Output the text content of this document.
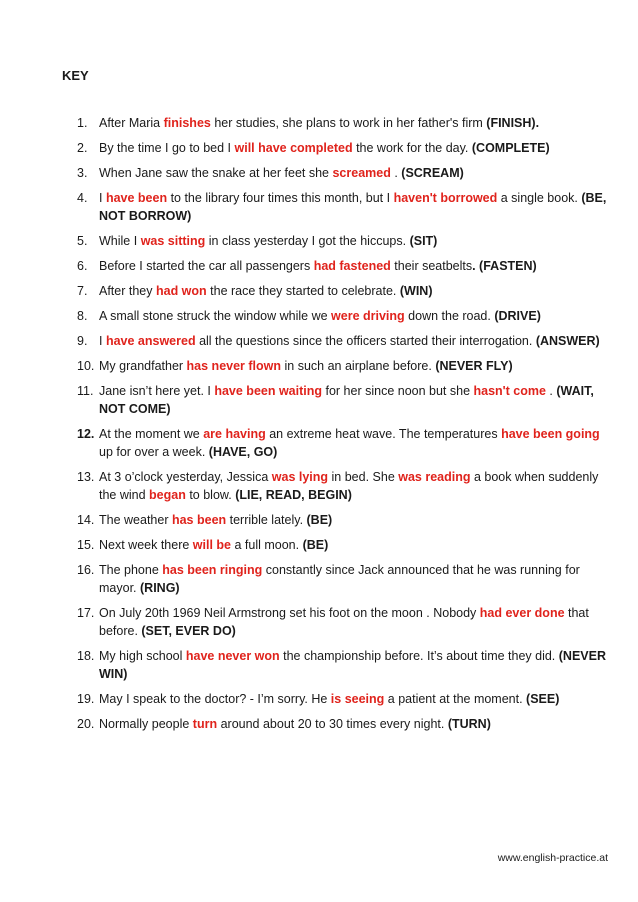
KEY
1. After Maria finishes her studies, she plans to work in her father's firm (FINISH).
2. By the time I go to bed I will have completed the work for the day. (COMPLETE)
3. When Jane saw the snake at her feet she screamed . (SCREAM)
4. I have been to the library four times this month, but I haven't borrowed a single book. (BE, NOT BORROW)
5. While I was sitting in class yesterday I got the hiccups. (SIT)
6. Before I started the car all passengers had fastened their seatbelts. (FASTEN)
7. After they had won the race they started to celebrate. (WIN)
8. A small stone struck the window while we were driving down the road. (DRIVE)
9. I have answered all the questions since the officers started their interrogation. (ANSWER)
10. My grandfather has never flown in such an airplane before. (NEVER FLY)
11. Jane isn’t here yet. I have been waiting for her since noon but she hasn't come . (WAIT, NOT COME)
12. At the moment we are having an extreme heat wave. The temperatures have been going up for over a week. (HAVE, GO)
13. At 3 o’clock yesterday, Jessica was lying in bed. She was reading a book when suddenly the wind began to blow. (LIE, READ, BEGIN)
14. The weather has been terrible lately. (BE)
15. Next week there will be a full moon. (BE)
16. The phone has been ringing constantly since Jack announced that he was running for mayor. (RING)
17. On July 20th 1969 Neil Armstrong set his foot on the moon . Nobody had ever done that before. (SET, EVER DO)
18. My high school have never won the championship before. It’s about time they did. (NEVER WIN)
19. May I speak to the doctor? - I’m sorry. He is seeing a patient at the moment. (SEE)
20. Normally people turn around about 20 to 30 times every night. (TURN)
www.english-practice.at
